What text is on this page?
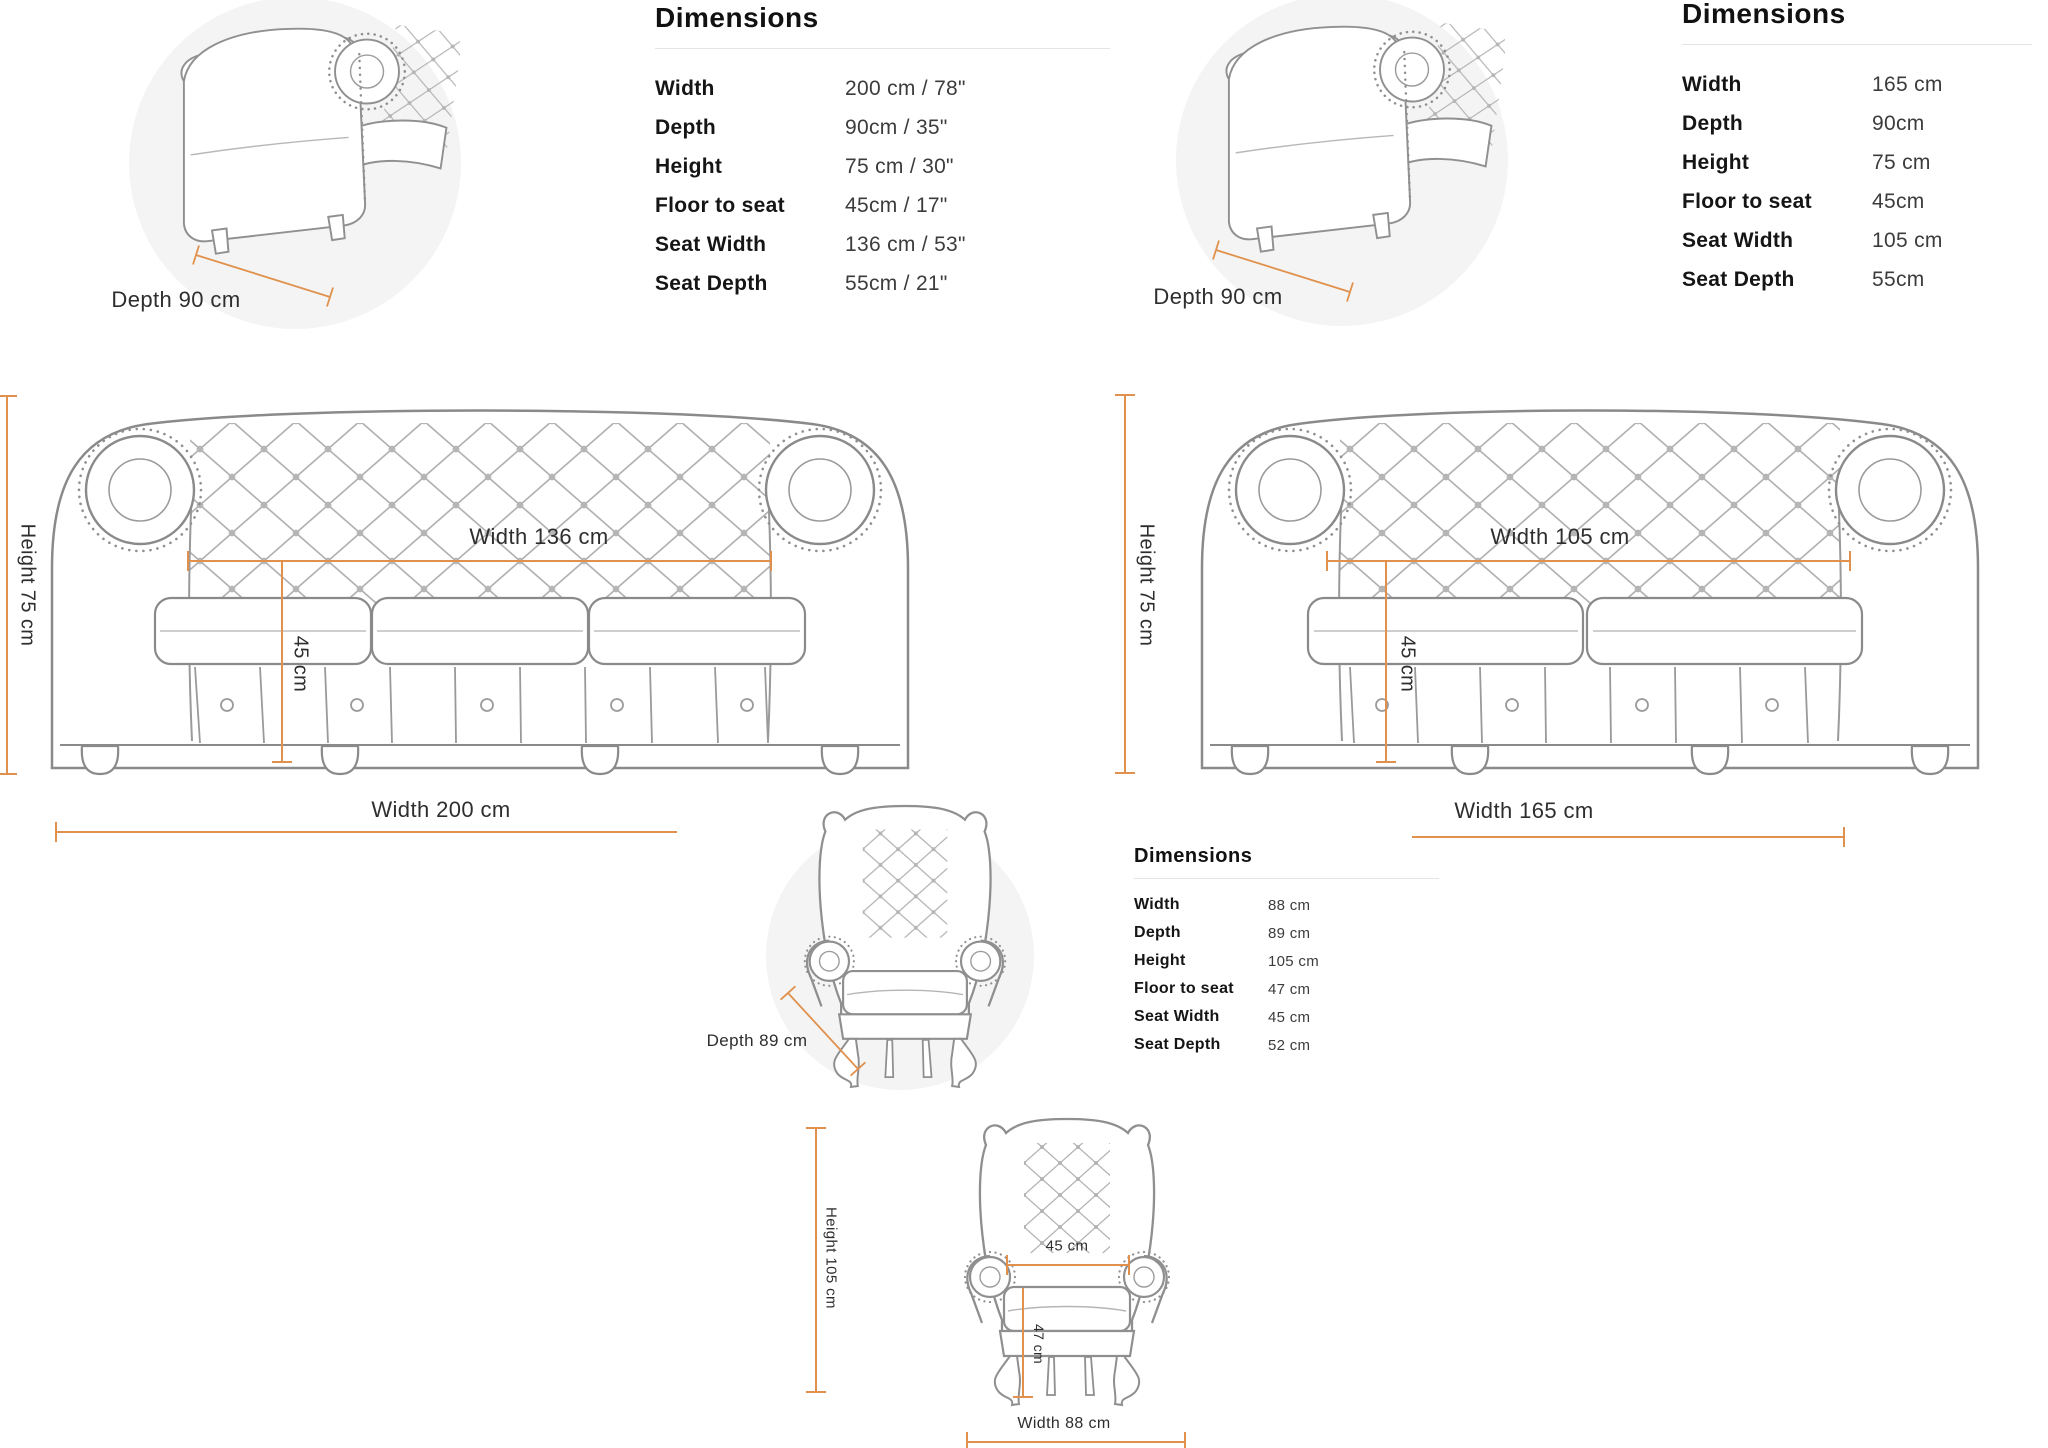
Depth 90 cm
Dimensions
Width	200 cm / 78"
Depth	90cm / 35"
Height	75 cm / 30"
Floor to seat	45cm / 17"
Seat Width	136 cm / 53"
Seat Depth	55cm / 21"
Depth 90 cm
Dimensions
Width	165 cm
Depth	90cm
Height	75 cm
Floor to seat	45cm
Seat Width	105 cm
Seat Depth	55cm
Height 75 cm	Width 136 cm
45 cm
Width 200 cm
Height 75 cm	Width 105 cm
45 cm
Width 165 cm
Depth 89 cm
Dimensions
Width	88 cm
Depth	89 cm
Height	105 cm
Floor to seat	47 cm
Seat Width	45 cm
Seat Depth	52 cm
Height 105 cm	45 cm
47 cm
Width 88 cm
